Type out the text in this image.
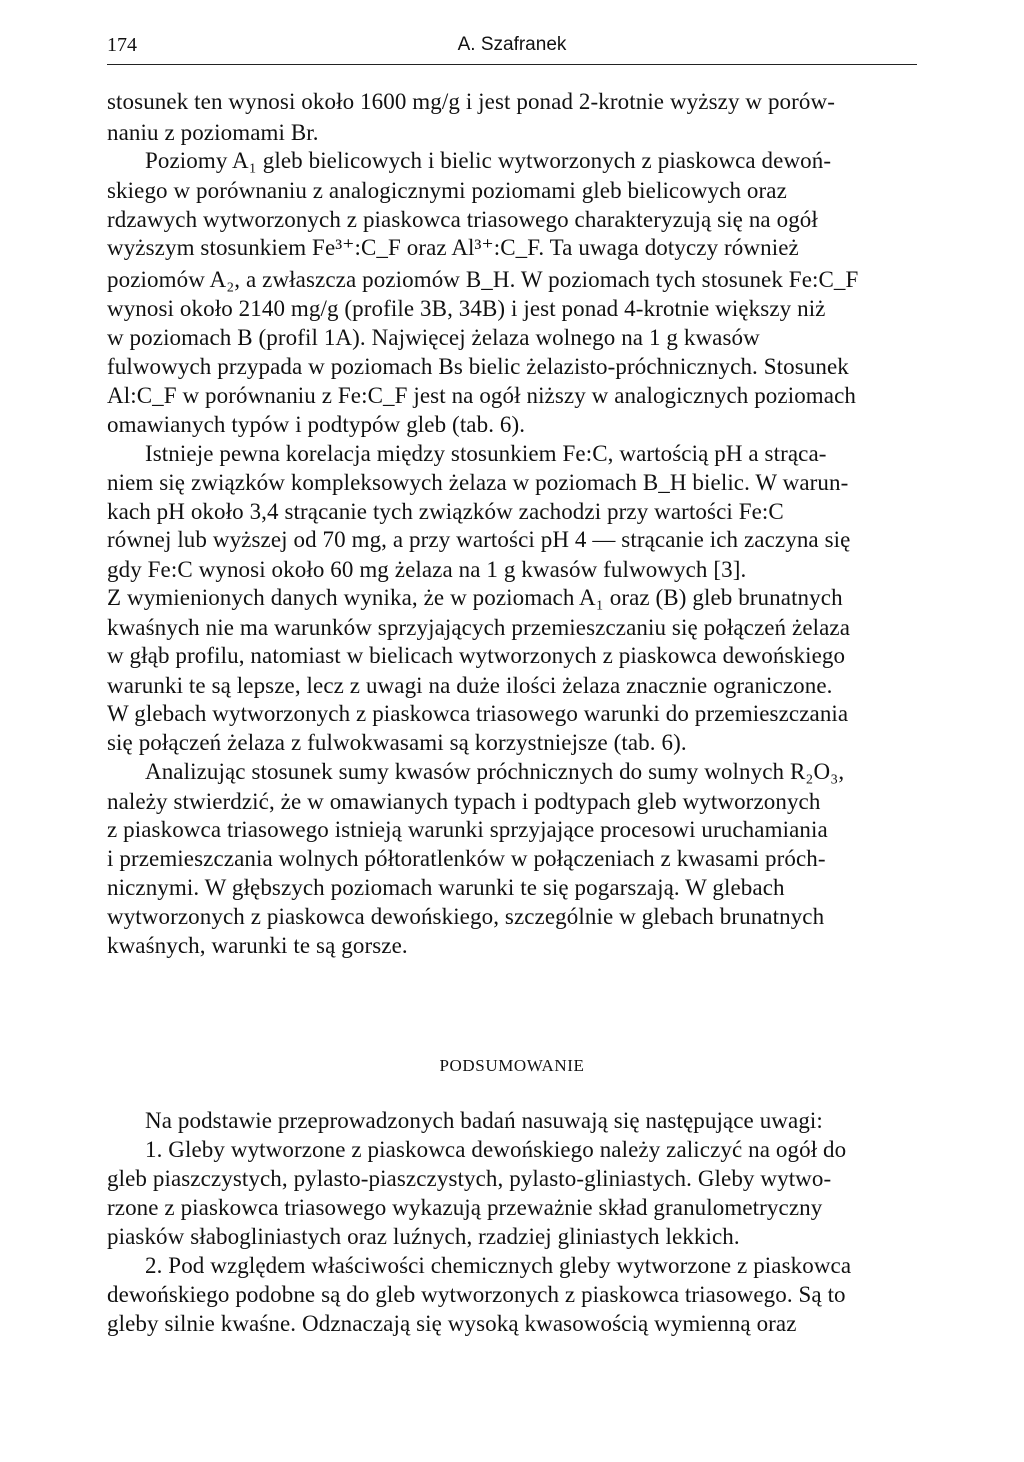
174	A. Szafranek
stosunek ten wynosi około 1600 mg/g i jest ponad 2-krotnie wyższy w porów-
naniu z poziomami Br.
Poziomy A₁ gleb bielicowych i bielic wytworzonych z piaskowca dewoń-
skiego w porównaniu z analogicznymi poziomami gleb bielicowych oraz
rdzawych wytworzonych z piaskowca triasowego charakteryzują się na ogół
wyższym stosunkiem Fe³⁺:C_F oraz Al³⁺:C_F. Ta uwaga dotyczy również
poziomów A₂, a zwłaszcza poziomów B_H. W poziomach tych stosunek Fe:C_F
wynosi około 2140 mg/g (profile 3B, 34B) i jest ponad 4-krotnie większy niż
w poziomach B (profil 1A). Najwięcej żelaza wolnego na 1 g kwasów
fulwowych przypada w poziomach Bs bielic żelazisto-próchnicznych. Stosunek
Al:C_F w porównaniu z Fe:C_F jest na ogół niższy w analogicznych poziomach
omawianych typów i podtypów gleb (tab. 6).
Istnieje pewna korelacja między stosunkiem Fe:C, wartością pH a strąca-
niem się związków kompleksowych żelaza w poziomach B_H bielic. W warun-
kach pH około 3,4 strącanie tych związków zachodzi przy wartości Fe:C
równej lub wyższej od 70 mg, a przy wartości pH 4 — strącanie ich zaczyna się
gdy Fe:C wynosi około 60 mg żelaza na 1 g kwasów fulwowych [3].
Z wymienionych danych wynika, że w poziomach A₁ oraz (B) gleb brunatnych
kwaśnych nie ma warunków sprzyjających przemieszczaniu się połączeń żelaza
w głąb profilu, natomiast w bielicach wytworzonych z piaskowca dewońskiego
warunki te są lepsze, lecz z uwagi na duże ilości żelaza znacznie ograniczone.
W glebach wytworzonych z piaskowca triasowego warunki do przemieszczania
się połączeń żelaza z fulwokwasami są korzystniejsze (tab. 6).
Analizując stosunek sumy kwasów próchnicznych do sumy wolnych R₂O₃,
należy stwierdzić, że w omawianych typach i podtypach gleb wytworzonych
z piaskowca triasowego istnieją warunki sprzyjające procesowi uruchamiania
i przemieszczania wolnych półtoratlenków w połączeniach z kwasami próch-
nicznymi. W głębszych poziomach warunki te się pogarszają. W glebach
wytworzonych z piaskowca dewońskiego, szczególnie w glebach brunatnych
kwaśnych, warunki te są gorsze.
PODSUMOWANIE
Na podstawie przeprowadzonych badań nasuwają się następujące uwagi:
1. Gleby wytworzone z piaskowca dewońskiego należy zaliczyć na ogół do
gleb piaszczystych, pylasto-piaszczystych, pylasto-gliniastych. Gleby wytwo-
rzone z piaskowca triasowego wykazują przeważnie skład granulometryczny
piasków słabogliniastych oraz luźnych, rzadziej gliniastych lekkich.
2. Pod względem właściwości chemicznych gleby wytworzone z piaskowca
dewońskiego podobne są do gleb wytworzonych z piaskowca triasowego. Są to
gleby silnie kwaśne. Odznaczają się wysoką kwasowością wymienną oraz
